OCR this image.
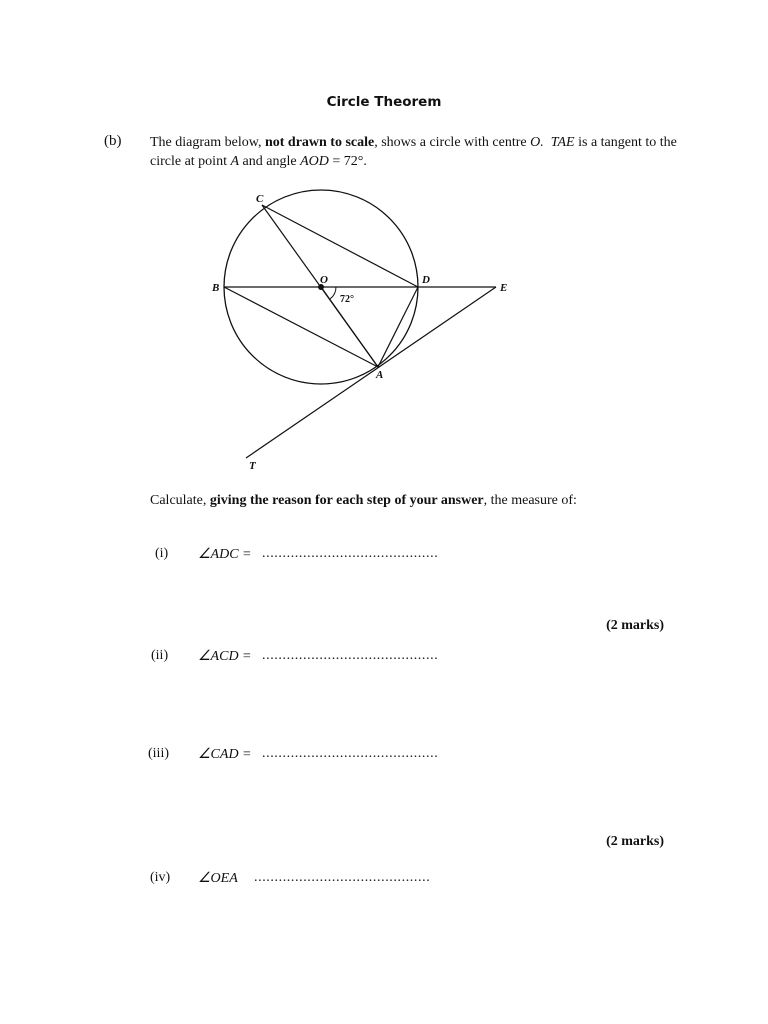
Circle Theorem
(b) The diagram below, not drawn to scale, shows a circle with centre O. TAE is a tangent to the circle at point A and angle AOD = 72°.
C
O	D
B	E
A
T
72°
Calculate, giving the reason for each step of your answer, the measure of:
(i) ∠ADC = ...........................................
(2 marks)
(ii) ∠ACD = ...........................................
(iii) ∠CAD = ...........................................
(2 marks)
(iv) ∠OEA ...........................................
